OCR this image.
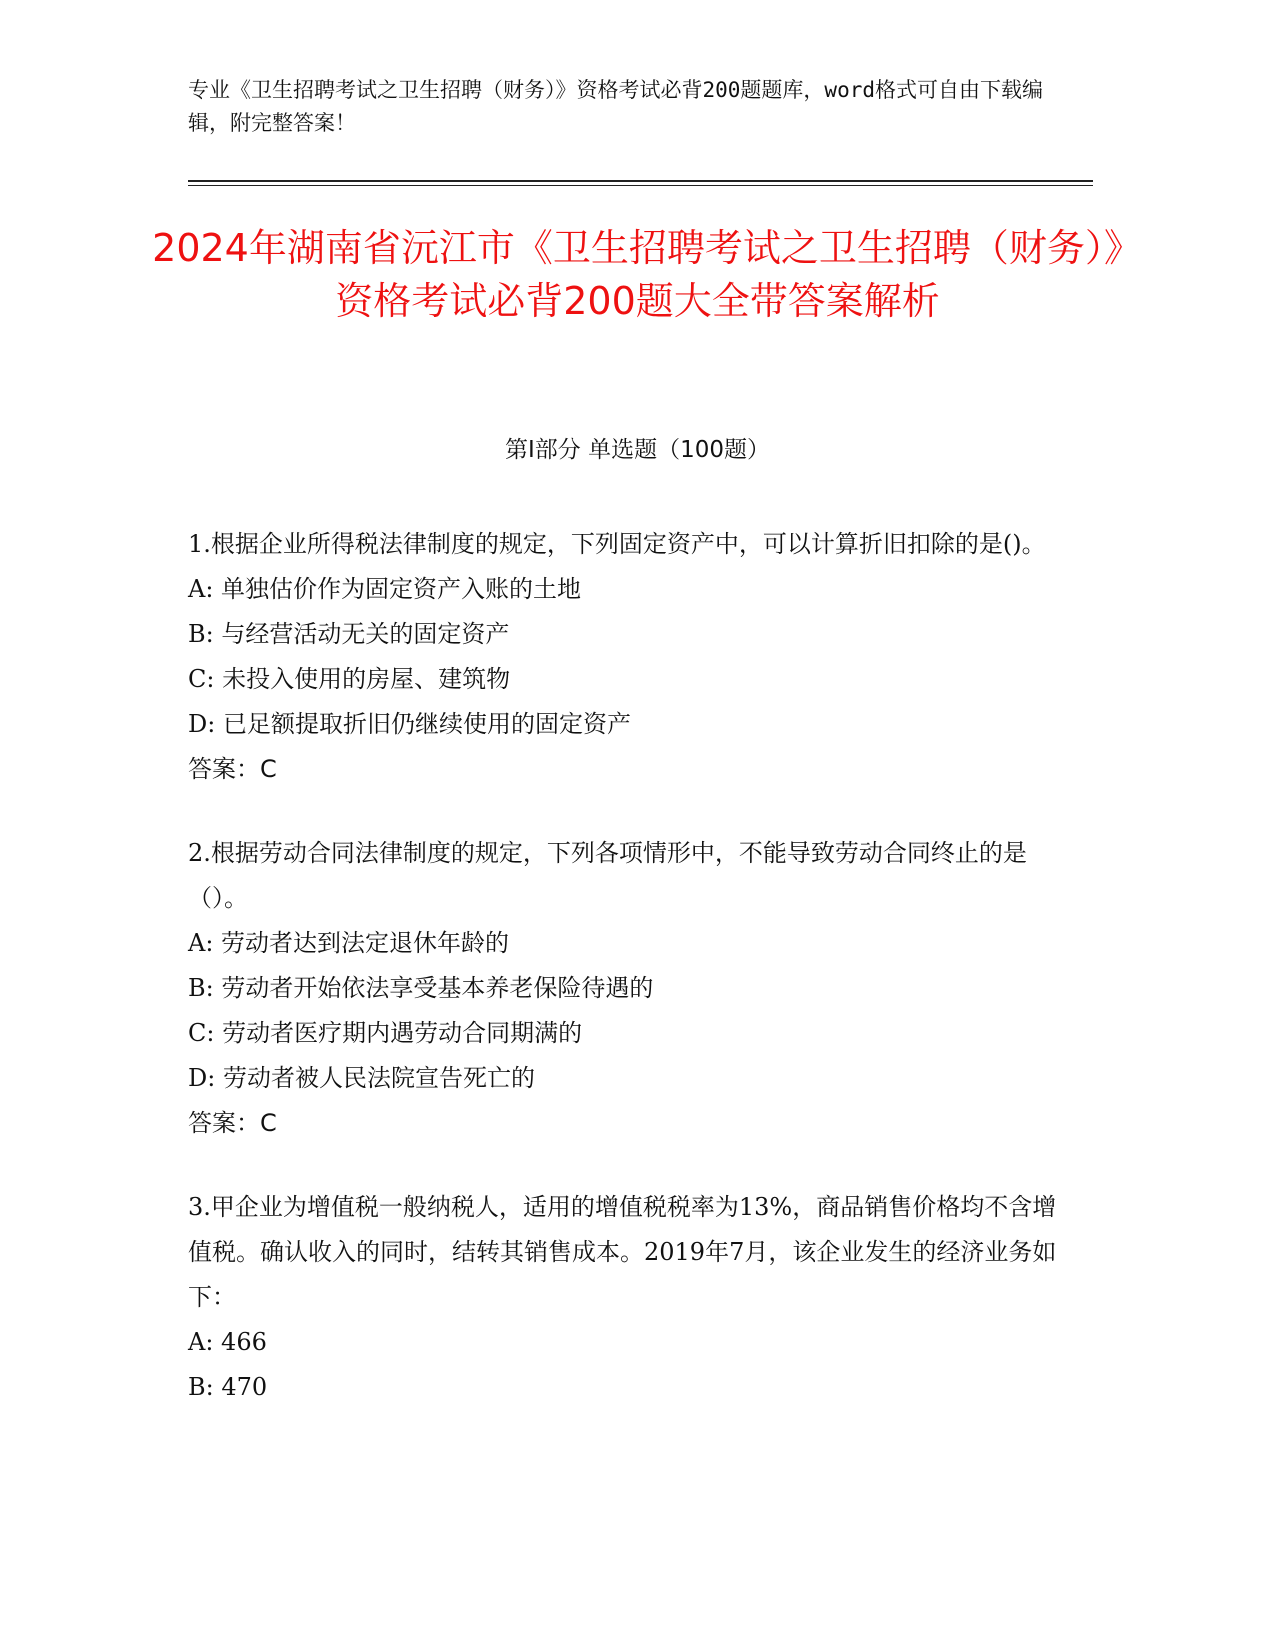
专业《卫生招聘考试之卫生招聘（财务）》资格考试必背200题题库，word格式可自由下载编辑，附完整答案！
2024年湖南省沅江市《卫生招聘考试之卫生招聘（财务）》资格考试必背200题大全带答案解析
第I部分 单选题（100题）
1.根据企业所得税法律制度的规定，下列固定资产中，可以计算折旧扣除的是()。
A: 单独估价作为固定资产入账的土地
B: 与经营活动无关的固定资产
C: 未投入使用的房屋、建筑物
D: 已足额提取折旧仍继续使用的固定资产
答案：C
2.根据劳动合同法律制度的规定，下列各项情形中，不能导致劳动合同终止的是（）。
A: 劳动者达到法定退休年龄的
B: 劳动者开始依法享受基本养老保险待遇的
C: 劳动者医疗期内遇劳动合同期满的
D: 劳动者被人民法院宣告死亡的
答案：C
3.甲企业为增值税一般纳税人，适用的增值税税率为13%，商品销售价格均不含增值税。确认收入的同时，结转其销售成本。2019年7月，该企业发生的经济业务如下：
A: 466
B: 470
